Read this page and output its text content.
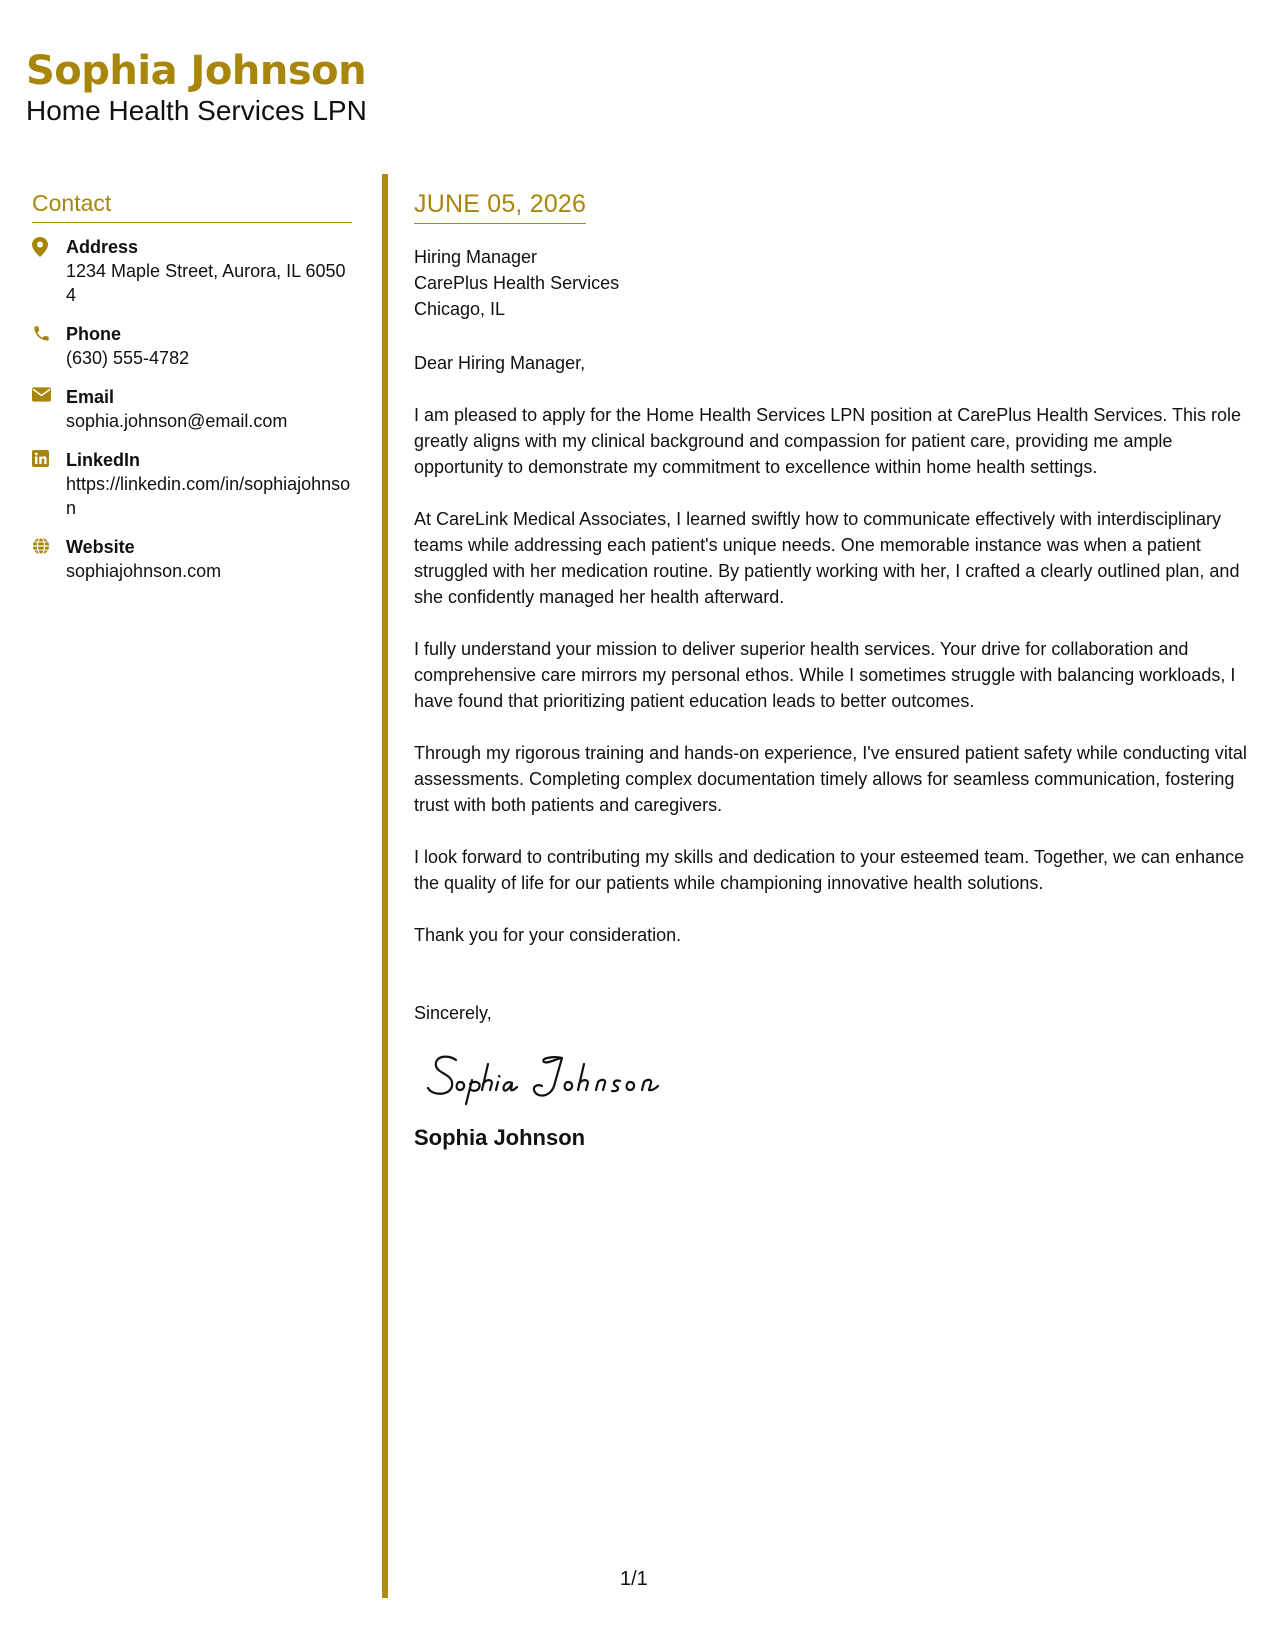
Sophia Johnson
Home Health Services LPN
Contact
Address
1234 Maple Street, Aurora, IL 60504
Phone
(630) 555-4782
Email
sophia.johnson@email.com
LinkedIn
https://linkedin.com/in/sophiajohnson
Website
sophiajohnson.com
JUNE 05, 2026
Hiring Manager
CarePlus Health Services
Chicago, IL
Dear Hiring Manager,
I am pleased to apply for the Home Health Services LPN position at CarePlus Health Services. This role greatly aligns with my clinical background and compassion for patient care, providing me ample opportunity to demonstrate my commitment to excellence within home health settings.
At CareLink Medical Associates, I learned swiftly how to communicate effectively with interdisciplinary teams while addressing each patient's unique needs. One memorable instance was when a patient struggled with her medication routine. By patiently working with her, I crafted a clearly outlined plan, and she confidently managed her health afterward.
I fully understand your mission to deliver superior health services. Your drive for collaboration and comprehensive care mirrors my personal ethos. While I sometimes struggle with balancing workloads, I have found that prioritizing patient education leads to better outcomes.
Through my rigorous training and hands-on experience, I've ensured patient safety while conducting vital assessments. Completing complex documentation timely allows for seamless communication, fostering trust with both patients and caregivers.
I look forward to contributing my skills and dedication to your esteemed team. Together, we can enhance the quality of life for our patients while championing innovative health solutions.
Thank you for your consideration.
Sincerely,
Sophia Johnson
1/1
